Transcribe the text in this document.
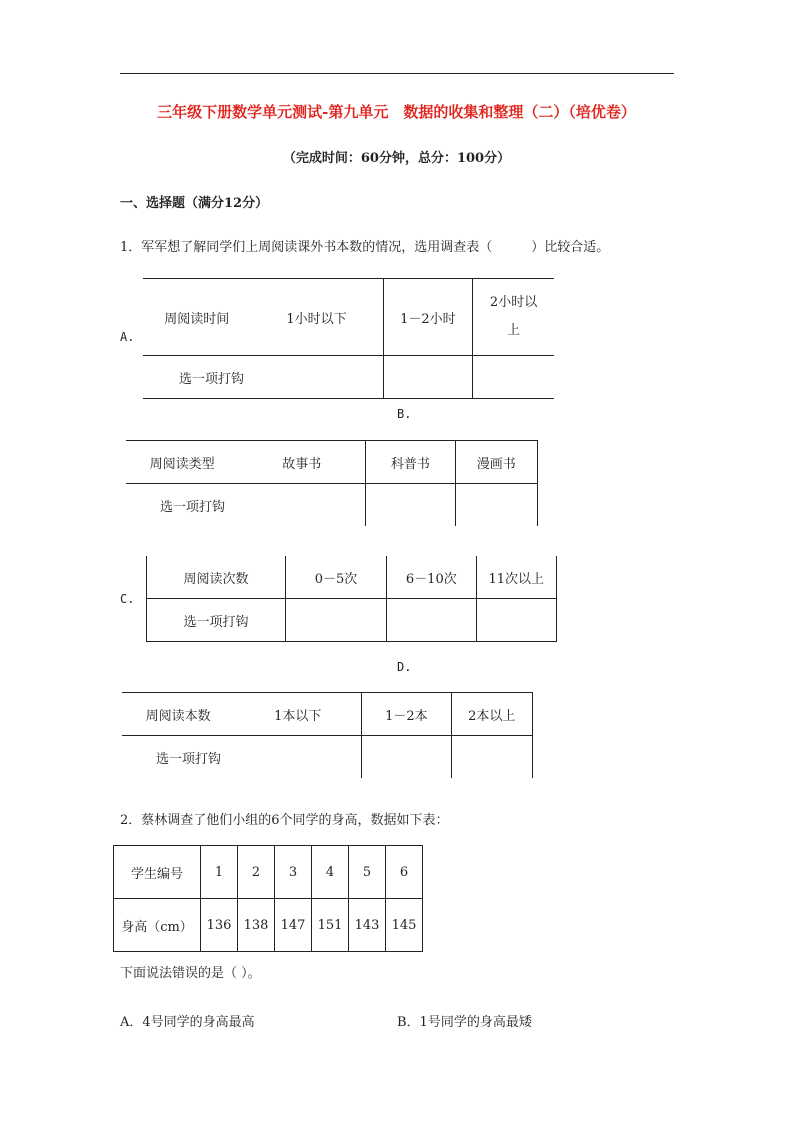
三年级下册数学单元测试-第九单元　数据的收集和整理（二）（培优卷）
（完成时间：60分钟，总分：100分）
一、选择题（满分12分）
1．军军想了解同学们上周阅读课外书本数的情况，选用调查表（　　　）比较合适。
A.
周阅读时间	1小时以下	1－2小时	2小时以上

选一项打钩			
B.
周阅读类型	故事书	科普书	漫画书
选一项打钩			
C.
周阅读次数	0－5次	6－10次	11次以上
选一项打钩			
D.
周阅读本数	1本以下	1－2本	2本以上
选一项打钩			
2．蔡林调查了他们小组的6个同学的身高，数据如下表：
学生编号	1	2	3	4	5	6
身高（cm）	136	138	147	151	143	145
下面说法错误的是（ ）。
A．4号同学的身高最高	B．1号同学的身高最矮
